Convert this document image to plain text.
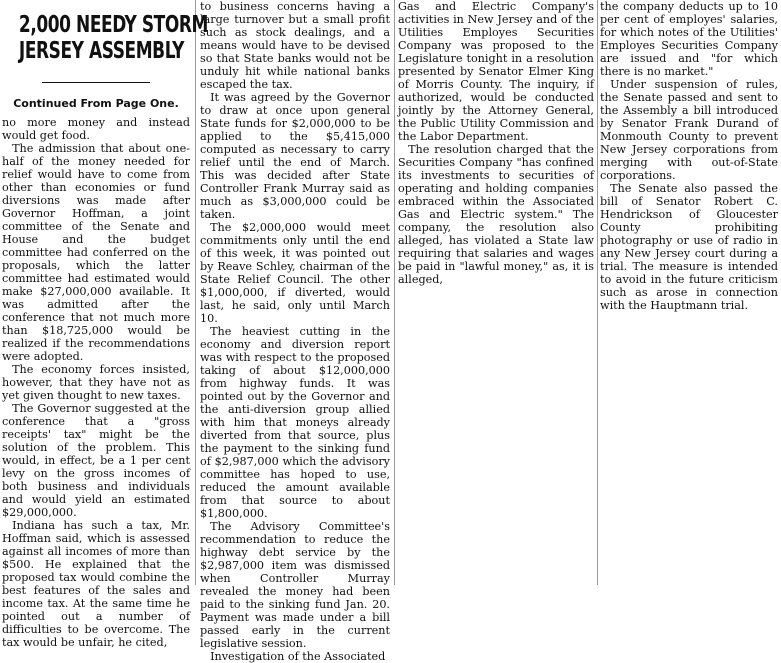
2,000 NEEDY STORM
JERSEY ASSEMBLY
Continued From Page One.

no more money and instead would get food.

The admission that about one-half of the money needed for relief would have to come from other than economies or fund diversions was made after Governor Hoffman, a joint committee of the Senate and House and the budget committee had conferred on the proposals, which the latter committee had estimated would make $27,000,000 available. It was admitted after the conference that not much more than $18,725,000 would be realized if the recommendations were adopted.

The economy forces insisted, however, that they have not as yet given thought to new taxes.

The Governor suggested at the conference that a "gross receipts' tax" might be the solution of the problem. This would, in effect, be a 1 per cent levy on the gross incomes of both business and individuals and would yield an estimated $29,000,000.

Indiana has such a tax, Mr. Hoffman said, which is assessed against all incomes of more than $500. He explained that the proposed tax would combine the best features of the sales and income tax. At the same time he pointed out a number of difficulties to be overcome. The tax would be unfair, he cited,

to business concerns having a large turnover but a small profit such as stock dealings, and a means would have to be devised so that State banks would not be unduly hit while national banks escaped the tax.

It was agreed by the Governor to draw at once upon general State funds for $2,000,000 to be applied to the $5,415,000 computed as necessary to carry relief until the end of March. This was decided after State Controller Frank Murray said as much as $3,000,000 could be taken.

The $2,000,000 would meet commitments only until the end of this week, it was pointed out by Reave Schley, chairman of the State Relief Council. The other $1,000,000, if diverted, would last, he said, only until March 10.

The heaviest cutting in the economy and diversion report was with respect to the proposed taking of about $12,000,000 from highway funds. It was pointed out by the Governor and the anti-diversion group allied with him that moneys already diverted from that source, plus the payment to the sinking fund of $2,987,000 which the advisory committee has hoped to use, reduced the amount available from that source to about $1,800,000.

The Advisory Committee's recommendation to reduce the highway debt service by the $2,987,000 item was dismissed when Controller Murray revealed the money had been paid to the sinking fund Jan. 20. Payment was made under a bill passed early in the current legislative session.

Investigation of the Associated

Gas and Electric Company's activities in New Jersey and of the Utilities Employes Securities Company was proposed to the Legislature tonight in a resolution presented by Senator Elmer King of Morris County. The inquiry, if authorized, would be conducted jointly by the Attorney General, the Public Utility Commission and the Labor Department.

The resolution charged that the Securities Company "has confined its investments to securities of operating and holding companies embraced within the Associated Gas and Electric system." The company, the resolution also alleged, has violated a State law requiring that salaries and wages be paid in "lawful money," as, it is alleged,

the company deducts up to 10 per cent of employes' salaries, for which notes of the Utilities' Employes Securities Company are issued and "for which there is no market."

Under suspension of rules, the Senate passed and sent to the Assembly a bill introduced by Senator Frank Durand of Monmouth County to prevent New Jersey corporations from merging with out-of-State corporations.

The Senate also passed the bill of Senator Robert C. Hendrickson of Gloucester County prohibiting photography or use of radio in any New Jersey court during a trial. The measure is intended to avoid in the future criticism such as arose in connection with the Hauptmann trial.
